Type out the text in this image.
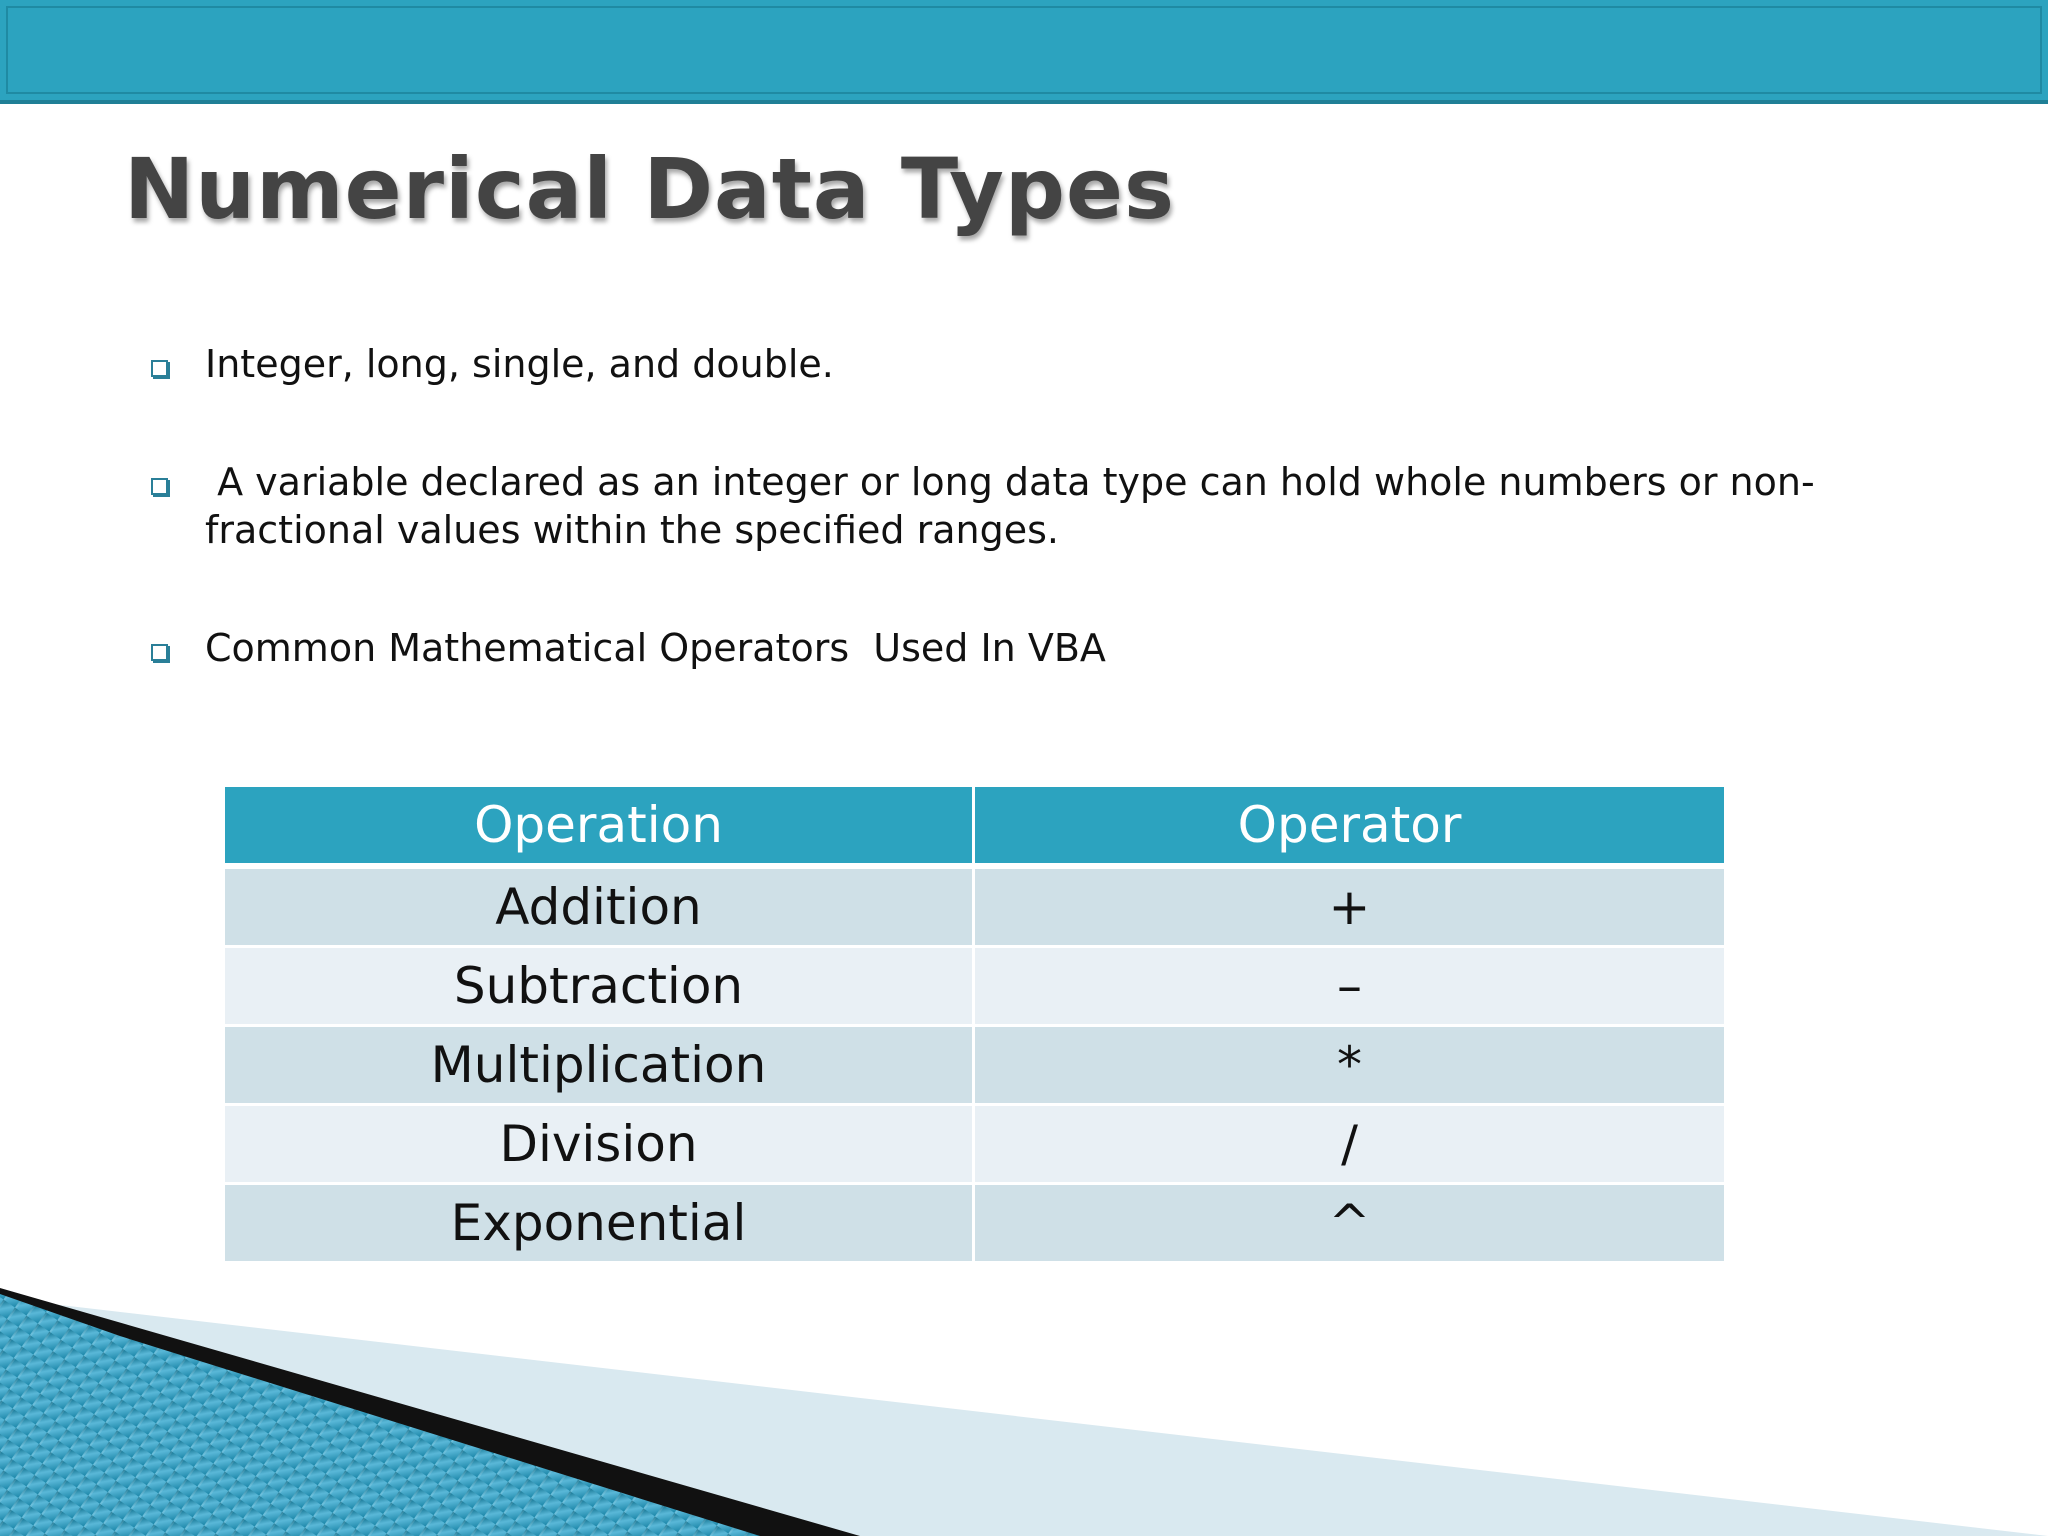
Numerical Data Types
Integer, long, single, and double.
A variable declared as an integer or long data type can hold whole numbers or non-fractional values within the specified ranges.
Common Mathematical Operators  Used In VBA
Operation	Operator
Addition	+
Subtraction	–
Multiplication	*
Division	/
Exponential	^
